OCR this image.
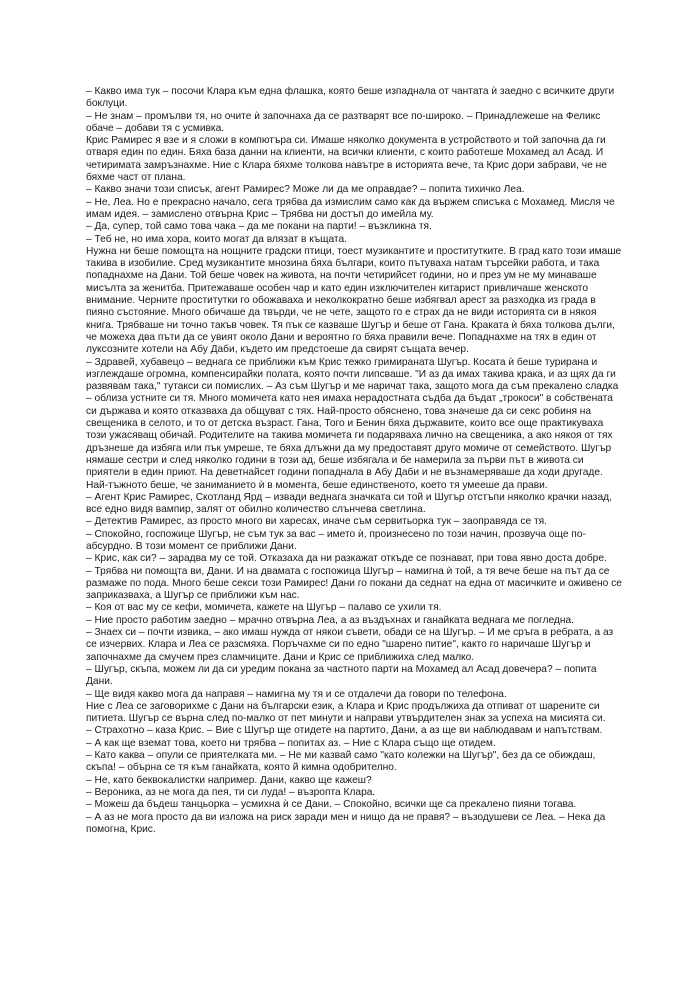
– Какво има тук – посочи Клара към една флашка, която беше изпаднала от чантата ѝ заедно с всичките други боклуци.

– Не знам – промълви тя, но очите ѝ започнаха да се разтварят все по-широко. – Принадлежеше на Феликс обаче – добави тя с усмивка.

Крис Рамирес я взе и я сложи в компютъра си. Имаше няколко документа в устройството и той започна да ги отваря един по един. Бяха база данни на клиенти, на всички клиенти, с които работеше Мохамед ал Асад. И четиримата замръзнахме. Ние с Клара бяхме толкова навътре в историята вече, та Крис дори забрави, че не бяхме част от плана.

– Какво значи този списък, агент Рамирес? Може ли да ме оправдае? – попита тихичко Леа.

– Не, Леа. Но е прекрасно начало, сега трябва да измислим само как да вържем списъка с Мохамед. Мисля че имам идея. – замислено отвърна Крис – Трябва ни достъп до имейла му.

– Да, супер, той само това чака – да ме покани на парти! – възкликна тя.

– Теб не, но има хора, които могат да влязат в къщата.

Нужна ни беше помощта на нощните градски птици, тоест музикантите и проститутките. В град като този имаше такива в изобилие. Сред музикантите мнозина бяха българи, които пътуваха натам търсейки работа, и така попаднахме на Дани. Той беше човек на живота, на почти четирийсет години, но и през ум не му минаваше мисълта за женитба. Притежаваше особен чар и като един изключителен китарист привличаше женското внимание. Черните проститутки го обожаваха и неколкократно беше избягвал арест за разходка из града в пияно състояние. Много обичаше да твърди, че не чете, защото го е страх да не види историята си в някоя книга. Трябваше ни точно такъв човек. Тя пък се казваше Шугър и беше от Гана. Краката ѝ бяха толкова дълги, че можеха два пъти да се увият около Дани и вероятно го бяха правили вече. Попаднахме на тях в един от луксозните хотели на Абу Даби, където им предстоеше да свирят същата вечер.

– Здравей, хубавецо – веднага се приближи към Крис тежко гримираната Шугър. Косата ѝ беше турирана и изглеждаше огромна, компенсирайки полата, която почти липсваше. "И аз да имах такива крака, и аз щях да ги развявам така," тутакси си помислих. – Аз съм Шугър и ме наричат така, защото мога да съм прекалено сладка – облиза устните си тя. Много момичета като нея имаха нерадостната съдба да бъдат „трокоси" в собствената си държава и която отказваха да общуват с тях. Най-просто обяснено, това значеше да си секс робиня на свещеника в селото, и то от детска възраст. Гана, Того и Бенин бяха държавите, които все още практикуваха този ужасяващ обичай. Родителите на такива момичета ги подаряваха лично на свещеника, а ако някоя от тях дръзнеше да избяга или пък умреше, те бяха длъжни да му предоставят друго момиче от семейството. Шугър нямаше сестри и след няколко години в този ад, беше избягала и бе намерила за първи път в живота си приятели в един приют. На деветнайсет години попаднала в Абу Даби и не възнамеряваше да ходи другаде. Най-тъжното беше, че заниманието ѝ в момента, беше единственото, което тя умееше да прави.

– Агент Крис Рамирес, Скотланд Ярд – извади веднага значката си той и Шугър отстъпи няколко крачки назад, все едно видя вампир, залят от обилно количество слънчева светлина.

– Детектив Рамирес, аз просто много ви харесах, иначе съм сервитьорка тук – заоправяда се тя.

– Спокойно, госпожице Шугър, не съм тук за вас – името ѝ, произнесено по този начин, прозвуча още по-абсурдно. В този момент се приближи Дани.

– Крис, как си? – зарадва му се той. Отказаха да ни разкажат откъде се познават, при това явно доста добре.

– Трябва ни помощта ви, Дани. И на двамата с госпожица Шугър – намигна ѝ той, а тя вече беше на път да се размаже по пода. Много беше секси този Рамирес! Дани го покани да седнат на една от масичките и оживено се заприказваха, а Шугър се приближи към нас.

– Коя от вас му се кефи, момичета, кажете на Шугър – палаво се ухили тя.

– Ние просто работим заедно – мрачно отвърна Леа, а аз въздъхнах и ганайката веднага ме погледна.

– Знаех си – почти извика, – ако имаш нужда от някои съвети, обади се на Шугър. – И ме сръга в ребрата, а аз се изчервих. Клара и Леа се разсмяха. Поръчахме си по едно "шарено питие", както го наричаше Шугър и започнахме да смучем през сламчиците. Дани и Крис се приближиха след малко.

– Шугър, скъпа, можем ли да си уредим покана за частното парти на Мохамед ал Асад довечера? – попита Дани.

– Ще видя какво мога да направя – намигна му тя и се отдалечи да говори по телефона.

Ние с Леа се заговорихме с Дани на български език, а Клара и Крис продължиха да отпиват от шарените си питиета. Шугър се върна след по-малко от пет минути и направи утвърдителен знак за успеха на мисията си.

– Страхотно – каза Крис. – Вие с Шугър ще отидете на партито, Дани, а аз ще ви наблюдавам и напътствам.

– А как ще вземат това, което ни трябва – попитах аз. – Ние с Клара също ще отидем.

– Като каква – опули се приятелката ми. – Не ми казвай само "като колежки на Шугър", без да се обиждаш, скъпа! – обърна се тя към ганайката, която й кимна одобрително.

– Не, като беквокалистки например. Дани, какво ще кажеш?

– Вероника, аз не мога да пея, ти си луда! – възропта Клара.

– Можеш да бъдеш танцьорка – усмихна ѝ се Дани. – Спокойно, всички ще са прекалено пияни тогава.

– А аз не мога просто да ви изложа на риск заради мен и нищо да не правя? – възодушеви се Леа. – Нека да помогна, Крис.
